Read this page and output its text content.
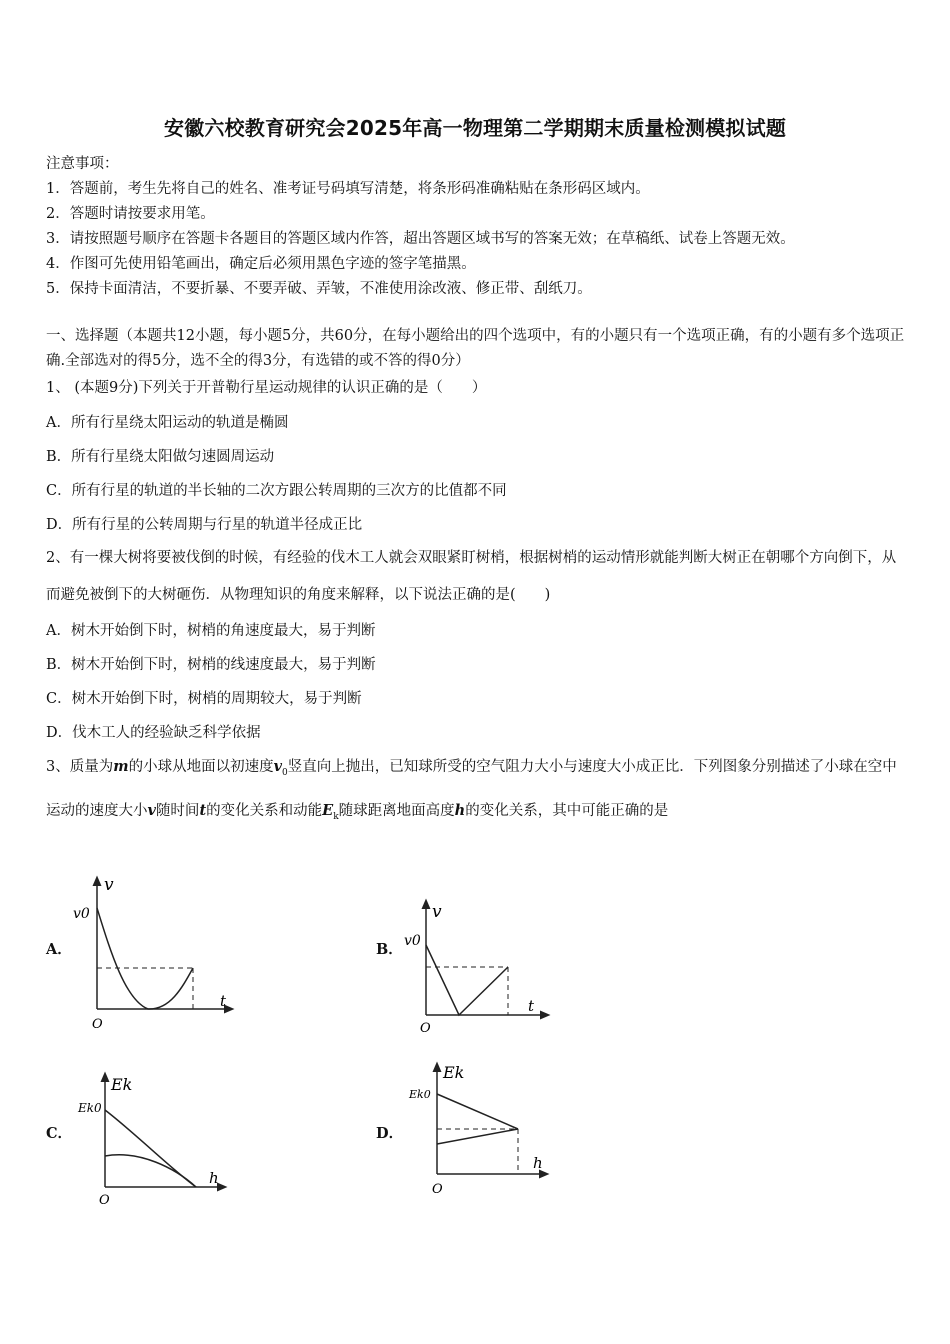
安徽六校教育研究会2025年高一物理第二学期期末质量检测模拟试题
注意事项：
1．答题前，考生先将自己的姓名、准考证号码填写清楚，将条形码准确粘贴在条形码区域内。
2．答题时请按要求用笔。
3．请按照题号顺序在答题卡各题目的答题区域内作答，超出答题区域书写的答案无效；在草稿纸、试卷上答题无效。
4．作图可先使用铅笔画出，确定后必须用黑色字迹的签字笔描黑。
5．保持卡面清洁，不要折暴、不要弄破、弄皱，不准使用涂改液、修正带、刮纸刀。
一、选择题（本题共12小题，每小题5分，共60分，在每小题给出的四个选项中，有的小题只有一个选项正确，有的小题有多个选项正确.全部选对的得5分，选不全的得3分，有选错的或不答的得0分）
1、 (本题9分)下列关于开普勒行星运动规律的认识正确的是（　　）
A．所有行星绕太阳运动的轨道是椭圆
B．所有行星绕太阳做匀速圆周运动
C．所有行星的轨道的半长轴的二次方跟公转周期的三次方的比值都不同
D．所有行星的公转周期与行星的轨道半径成正比
2、有一棵大树将要被伐倒的时候，有经验的伐木工人就会双眼紧盯树梢，根据树梢的运动情形就能判断大树正在朝哪个方向倒下，从而避免被倒下的大树砸伤．从物理知识的角度来解释，以下说法正确的是(　　)
A．树木开始倒下时，树梢的角速度最大，易于判断
B．树木开始倒下时，树梢的线速度最大，易于判断
C．树木开始倒下时，树梢的周期较大，易于判断
D．伐木工人的经验缺乏科学依据
3、质量为m的小球从地面以初速度$v_0$竖直向上抛出，已知球所受的空气阻力大小与速度大小成正比．下列图象分别描述了小球在空中运动的速度大小v随时间t的变化关系和动能$E_k$随球距离地面高度h的变化关系，其中可能正确的是
A．	B．
C．	D．
v
v0
t
O
v
v0
t
O
Ek
Ek0
h
O
Ek
Ek0
h
O
